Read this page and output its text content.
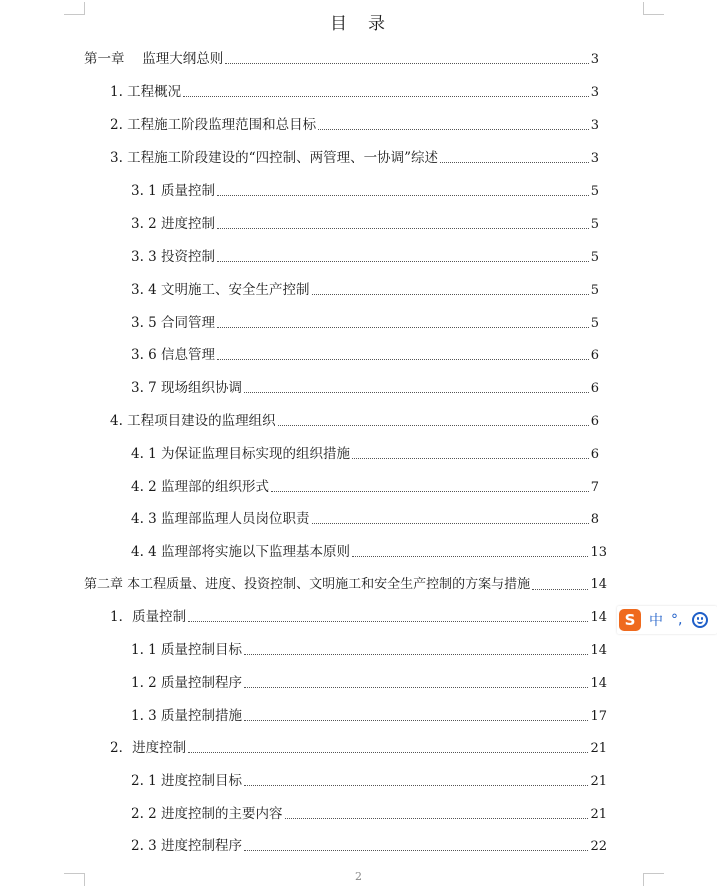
目　录
第一章　 监理大纲总则	3
1. 工程概况	3
2. 工程施工阶段监理范围和总目标	3
3. 工程施工阶段建设的“四控制、两管理、一协调”综述	3
3. 1 质量控制	5
3. 2 进度控制	5
3. 3 投资控制	5
3. 4 文明施工、安全生产控制	5
3. 5 合同管理	5
3. 6 信息管理	6
3. 7 现场组织协调	6
4. 工程项目建设的监理组织	6
4. 1 为保证监理目标实现的组织措施	6
4. 2 监理部的组织形式	7
4. 3 监理部监理人员岗位职责	8
4. 4 监理部将实施以下监理基本原则	13
第二章 本工程质量、进度、投资控制、文明施工和安全生产控制的方案与措施	14
1．质量控制	14
1. 1 质量控制目标	14
1. 2 质量控制程序	14
1. 3 质量控制措施	17
2．进度控制	21
2. 1 进度控制目标	21
2. 2 进度控制的主要内容	21
2. 3 进度控制程序	22
2
S 中 °,
